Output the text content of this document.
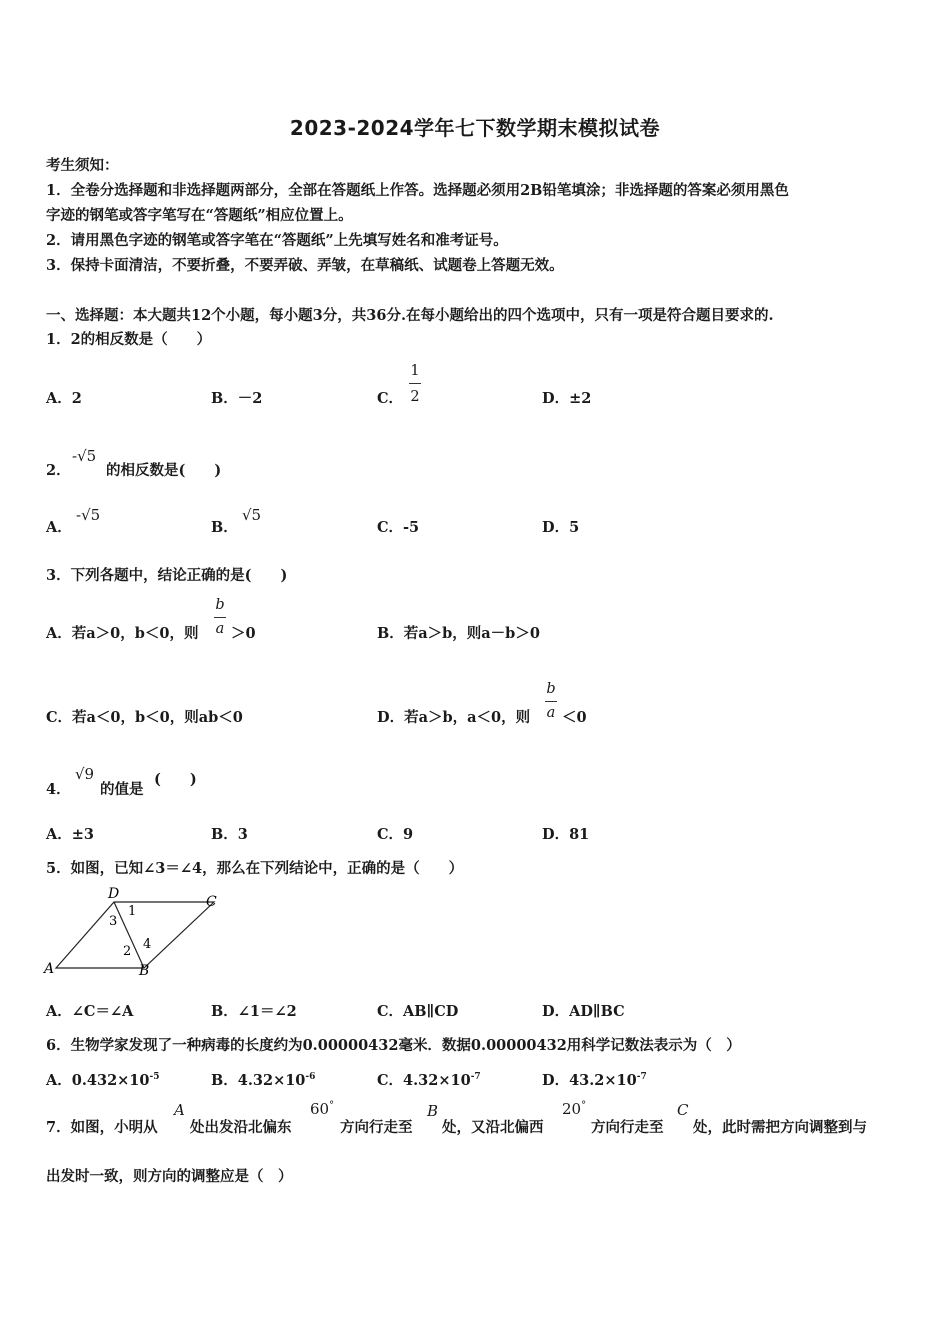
2023-2024学年七下数学期末模拟试卷
考生须知：
1．全卷分选择题和非选择题两部分，全部在答题纸上作答。选择题必须用2B铅笔填涂；非选择题的答案必须用黑色
字迹的钢笔或答字笔写在“答题纸”相应位置上。
2．请用黑色字迹的钢笔或答字笔在“答题纸”上先填写姓名和准考证号。
3．保持卡面清洁，不要折叠，不要弄破、弄皱，在草稿纸、试题卷上答题无效。
一、选择题：本大题共12个小题，每小题3分，共36分.在每小题给出的四个选项中，只有一项是符合题目要求的.
1．2的相反数是（　　）
A．2	B．－2	C．
1
2	D．±2
2．
-√5
的相反数是(　　)
A．
-√5
B．
√5
C．-5	D．5
3．下列各题中，结论正确的是(　　)
A．若a＞0，b＜0，则
b
a ＞0	B．若a＞b，则a－b＞0
C．若a＜0，b＜0，则ab＜0	D．若a＞b，a＜0，则
b
a ＜0
4．
√9
的值是
(　　)
A．±3	B．3	C．9	D．81
5．如图，已知∠3＝∠4，那么在下列结论中，正确的是（　　）
D	C
A	B
1
2
3
4
A．∠C＝∠A	B．∠1＝∠2	C．AB∥CD	D．AD∥BC
6．生物学家发现了一种病毒的长度约为0.00000432毫米．数据0.00000432用科学记数法表示为（　）
A．$0.432\times 10^{-5}$	B．$4.32\times 10^{-6}$	C．$4.32\times 10^{-7}$	D．$43.2\times 10^{-7}$
7．如图，小明从
A
处出发沿北偏东
60°
方向行走至
B
处，又沿北偏西
20°
方向行走至
C
处，此时需把方向调整到与
出发时一致，则方向的调整应是（　）
